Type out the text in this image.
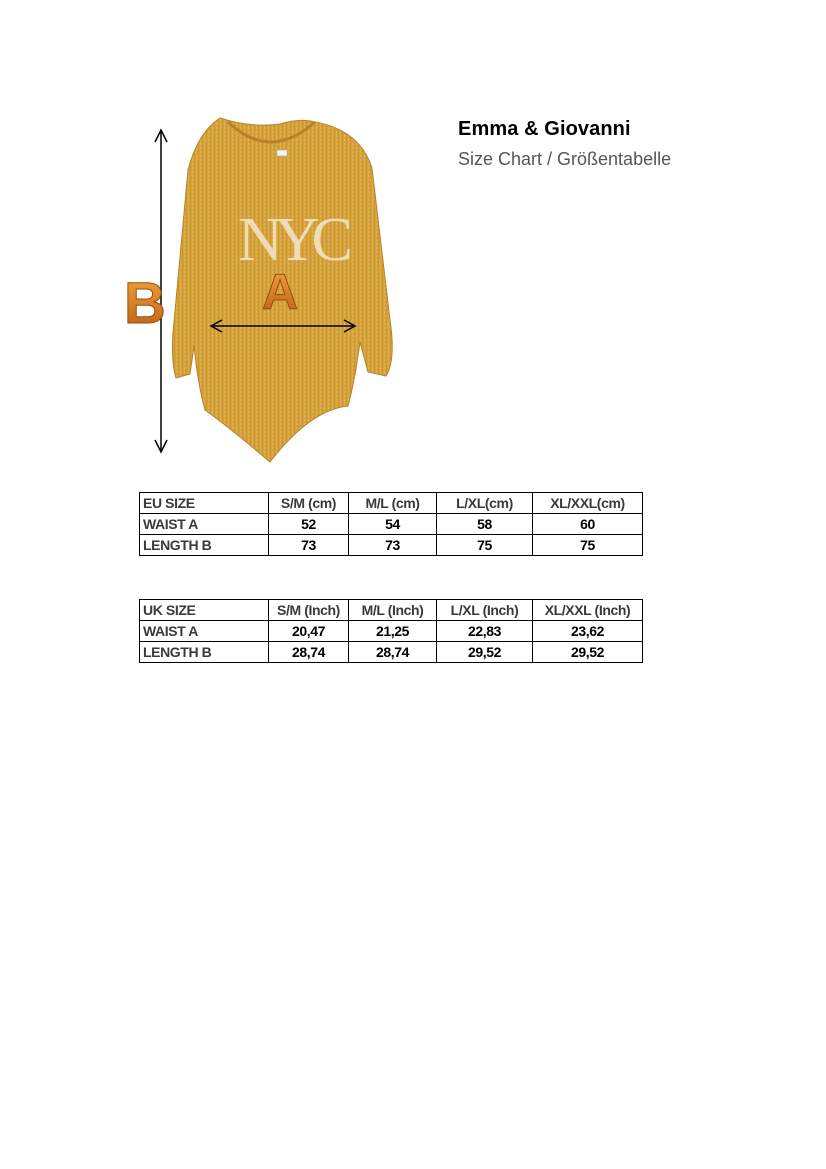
Emma & Giovanni
Size Chart / Größentabelle
NYC
B A
EU SIZE	S/M (cm)	M/L (cm)	L/XL(cm)	XL/XXL(cm)
WAIST A	52	54	58	60
LENGTH B	73	73	75	75
UK SIZE	S/M (Inch)	M/L (Inch)	L/XL (Inch)	XL/XXL (Inch)
WAIST A	20,47	21,25	22,83	23,62
LENGTH B	28,74	28,74	29,52	29,52
